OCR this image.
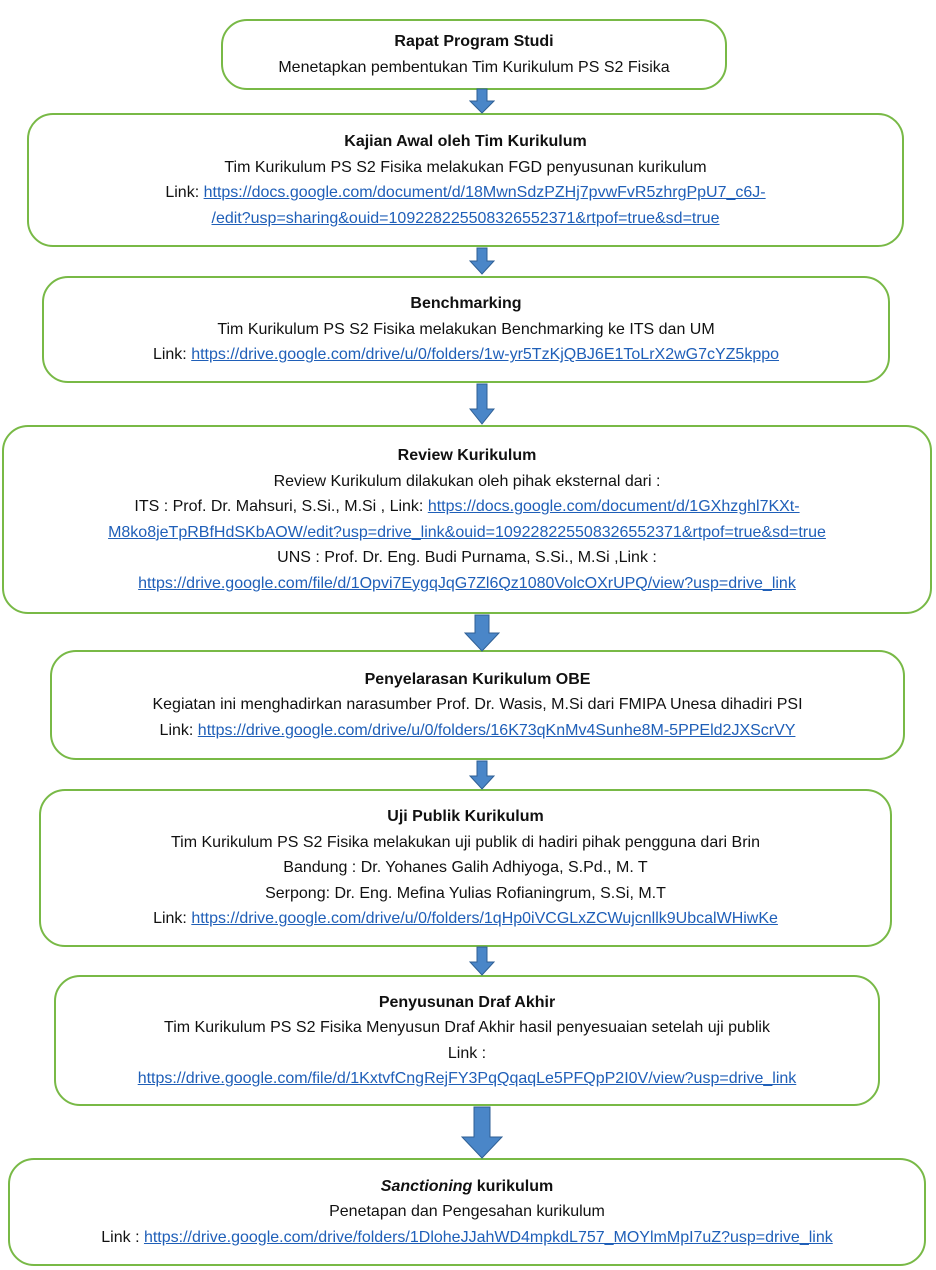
Rapat Program Studi
Menetapkan pembentukan Tim Kurikulum PS S2 Fisika
Kajian Awal oleh Tim Kurikulum
Tim Kurikulum PS S2 Fisika melakukan FGD penyusunan kurikulum
Link: https://docs.google.com/document/d/18MwnSdzPZHj7pvwFvR5zhrgPpU7_c6J-
/edit?usp=sharing&ouid=109228225508326552371&rtpof=true&sd=true
Benchmarking
Tim Kurikulum PS S2 Fisika melakukan Benchmarking ke ITS dan UM
Link: https://drive.google.com/drive/u/0/folders/1w-yr5TzKjQBJ6E1ToLrX2wG7cYZ5kppo
Review Kurikulum
Review Kurikulum dilakukan oleh pihak eksternal dari :
ITS : Prof. Dr. Mahsuri, S.Si., M.Si , Link: https://docs.google.com/document/d/1GXhzghl7KXt-
M8ko8jeTpRBfHdSKbAOW/edit?usp=drive_link&ouid=109228225508326552371&rtpof=true&sd=true
UNS : Prof. Dr. Eng. Budi Purnama, S.Si., M.Si ,Link :
https://drive.google.com/file/d/1Opvi7EygqJqG7Zl6Qz1080VolcOXrUPQ/view?usp=drive_link
Penyelarasan Kurikulum OBE
Kegiatan ini menghadirkan narasumber Prof. Dr. Wasis, M.Si dari FMIPA Unesa dihadiri PSI
Link: https://drive.google.com/drive/u/0/folders/16K73qKnMv4Sunhe8M-5PPEld2JXScrVY
Uji Publik Kurikulum
Tim Kurikulum PS S2 Fisika melakukan uji publik di hadiri pihak pengguna dari Brin
Bandung : Dr. Yohanes Galih Adhiyoga, S.Pd., M. T
Serpong: Dr. Eng. Mefina Yulias Rofianingrum, S.Si, M.T
Link: https://drive.google.com/drive/u/0/folders/1qHp0iVCGLxZCWujcnllk9UbcalWHiwKe
Penyusunan Draf Akhir
Tim Kurikulum PS S2 Fisika Menyusun Draf Akhir hasil penyesuaian setelah uji publik
Link :
https://drive.google.com/file/d/1KxtvfCngRejFY3PqQqaqLe5PFQpP2I0V/view?usp=drive_link
Sanctioning kurikulum
Penetapan dan Pengesahan kurikulum
Link : https://drive.google.com/drive/folders/1DloheJJahWD4mpkdL757_MOYlmMpI7uZ?usp=drive_link
